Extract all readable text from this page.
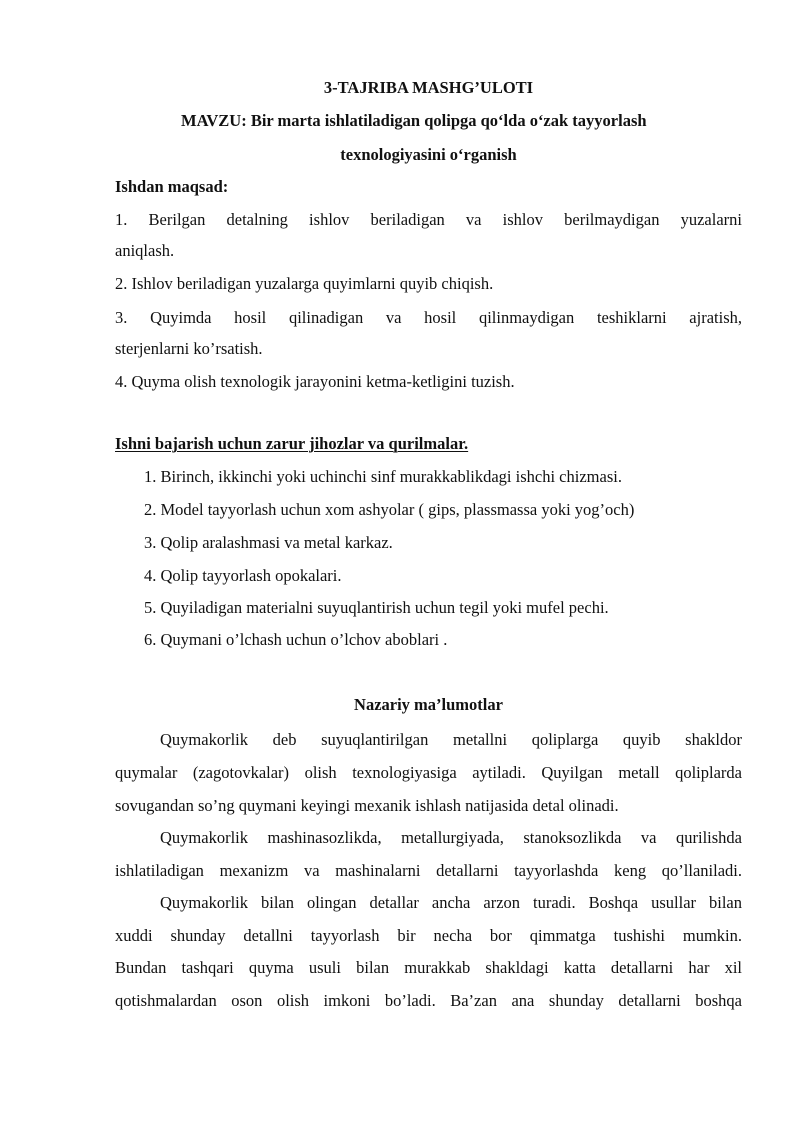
3-TAJRIBA MASHG’ULOTI
MAVZU: Bir marta ishlatiladigan qolipga qo‘lda o‘zak tayyorlash
texnologiyasini o‘rganish
Ishdan maqsad:
1. Berilgan detalning ishlov beriladigan va ishlov berilmaydigan yuzalarni
aniqlash.
2. Ishlov beriladigan yuzalarga quyimlarni quyib chiqish.
3. Quyimda hosil qilinadigan va hosil qilinmaydigan teshiklarni ajratish,
sterjenlarni ko’rsatish.
4. Quyma olish texnologik jarayonini ketma-ketligini tuzish.
Ishni bajarish uchun zarur jihozlar va qurilmalar.
1. Birinch, ikkinchi yoki uchinchi sinf murakkablikdagi ishchi chizmasi.
2. Model tayyorlash uchun xom ashyolar ( gips, plassmassa yoki yog’och)
3. Qolip aralashmasi va metal karkaz.
4. Qolip tayyorlash opokalari.
5. Quyiladigan materialni suyuqlantirish uchun tegil yoki mufel pechi.
6. Quymani o’lchash uchun o’lchov aboblari .
Nazariy ma’lumotlar
Quymakorlik deb suyuqlantirilgan metallni qoliplarga quyib shakldor
quymalar (zagotovkalar) olish texnologiyasiga aytiladi. Quyilgan metall qoliplarda
sovugandan so’ng quymani keyingi mexanik ishlash natijasida detal olinadi.
Quymakorlik mashinasozlikda, metallurgiyada, stanoksozlikda va qurilishda
ishlatiladigan mexanizm va mashinalarni detallarni tayyorlashda keng qo’llaniladi.
Quymakorlik bilan olingan detallar ancha arzon turadi. Boshqa usullar bilan
xuddi shunday detallni tayyorlash bir necha bor qimmatga tushishi mumkin.
Bundan tashqari quyma usuli bilan murakkab shakldagi katta detallarni har xil
qotishmalardan oson olish imkoni bo’ladi. Ba’zan ana shunday detallarni boshqa
